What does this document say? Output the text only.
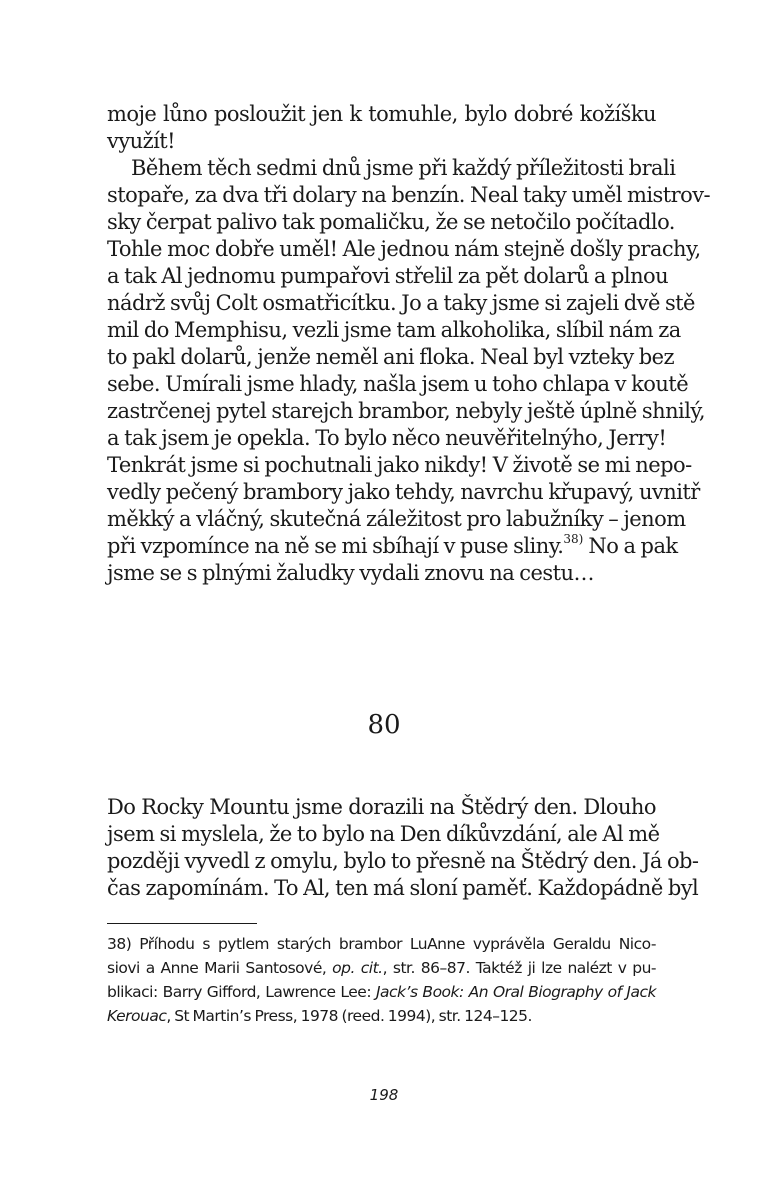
moje lůno posloužit jen k tomuhle, bylo dobré kožíšku
využít!
Během těch sedmi dnů jsme při každý příležitosti brali
stopaře, za dva tři dolary na benzín. Neal taky uměl mistrov-
sky čerpat palivo tak pomaličku, že se netočilo počítadlo.
Tohle moc dobře uměl! Ale jednou nám stejně došly prachy,
a tak Al jednomu pumpařovi střelil za pět dolarů a plnou
nádrž svůj Colt osmatřicítku. Jo a taky jsme si zajeli dvě stě
mil do Memphisu, vezli jsme tam alkoholika, slíbil nám za
to pakl dolarů, jenže neměl ani floka. Neal byl vzteky bez
sebe. Umírali jsme hlady, našla jsem u toho chlapa v koutě
zastrčenej pytel starejch brambor, nebyly ještě úplně shnilý,
a tak jsem je opekla. To bylo něco neuvěřitelnýho, Jerry!
Tenkrát jsme si pochutnali jako nikdy! V životě se mi nepo-
vedly pečený brambory jako tehdy, navrchu křupavý, uvnitř
měkký a vláčný, skutečná záležitost pro labužníky – jenom
při vzpomínce na ně se mi sbíhají v puse sliny.$^{38)}$ No a pak
jsme se s plnými žaludky vydali znovu na cestu…
80
Do Rocky Mountu jsme dorazili na Štědrý den. Dlouho
jsem si myslela, že to bylo na Den díkůvzdání, ale Al mě
později vyvedl z omylu, bylo to přesně na Štědrý den. Já ob-
čas zapomínám. To Al, ten má sloní paměť. Každopádně byl
38) Příhodu s pytlem starých brambor LuAnne vyprávěla Geraldu Nico-
siovi a Anne Marii Santosové, op. cit., str. 86–87. Taktéž ji lze nalézt v pu-
blikaci: Barry Gifford, Lawrence Lee: Jack’s Book: An Oral Biography of Jack
Kerouac, St Martin’s Press, 1978 (reed. 1994), str. 124–125.
198
